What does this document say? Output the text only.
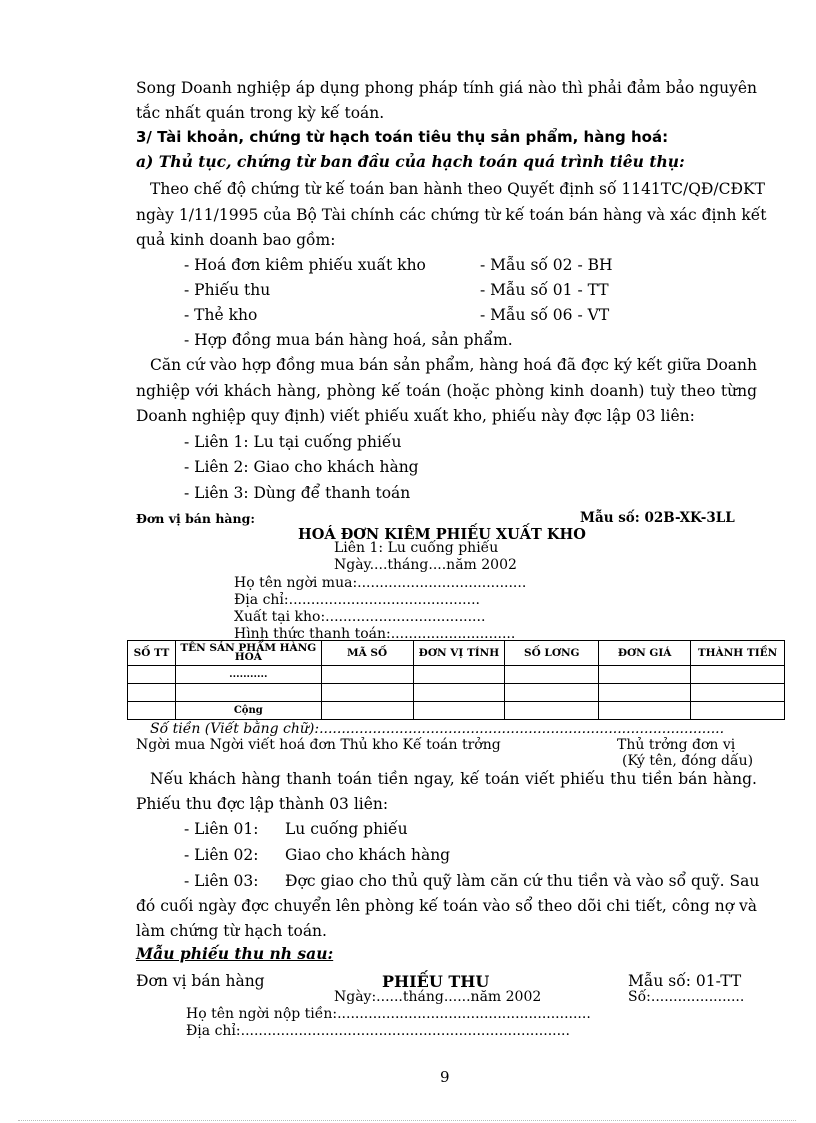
Song Doanh nghiệp áp dụng phong pháp tính giá nào thì phải đảm bảo nguyên
tắc nhất quán trong kỳ kế toán.
3/ Tài khoản, chứng từ hạch toán tiêu thụ sản phẩm, hàng hoá:
a) Thủ tục, chứng từ ban đầu của hạch toán quá trình tiêu thụ:
Theo chế độ chứng từ kế toán ban hành theo Quyết định số 1141TC/QĐ/CĐKT
ngày 1/11/1995 của Bộ Tài chính các chứng từ kế toán bán hàng và xác định kết
quả kinh doanh bao gồm:
- Hoá đơn kiêm phiếu xuất kho	- Mẫu số 02 - BH
- Phiếu thu	- Mẫu số 01 - TT
- Thẻ kho	- Mẫu số 06 - VT
- Hợp đồng mua bán hàng hoá, sản phẩm.
Căn cứ vào hợp đồng mua bán sản phẩm, hàng hoá đã đợc ký kết giữa Doanh
nghiệp với khách hàng, phòng kế toán (hoặc phòng kinh doanh) tuỳ theo từng
Doanh nghiệp quy định) viết phiếu xuất kho, phiếu này đợc lập 03 liên:
- Liên 1: Lu tại cuống phiếu
- Liên 2: Giao cho khách hàng
- Liên 3: Dùng để thanh toán
Đơn vị bán hàng:	Mẫu số: 02B-XK-3LL
HOÁ ĐƠN KIÊM PHIẾU XUẤT KHO
Liên 1: Lu cuống phiếu
Ngày....tháng....năm 2002
Họ tên ngời mua:......................................
Địa chỉ:...........................................
Xuất tại kho:....................................
Hình thức thanh toán:............................
SỐ TT	TÊN SẢN PHẨM HÀNG HOÁ	MÃ SỐ	ĐƠN VỊ TÍNH	SỐ LƠNG	ĐƠN GIÁ	THÀNH TIỀN
	...........					

	Cộng					
Số tiền (Viết bằng chữ):...........................................................................................
Ngời mua Ngời viết hoá đơn Thủ kho Kế toán trởng	Thủ trởng đơn vị
(Ký tên, đóng dấu)
Nếu khách hàng thanh toán tiền ngay, kế toán viết phiếu thu tiền bán hàng.
Phiếu thu đợc lập thành 03 liên:
- Liên 01: Lu cuống phiếu
- Liên 02: Giao cho khách hàng
- Liên 03: Đợc giao cho thủ quỹ làm căn cứ thu tiền và vào sổ quỹ. Sau
đó cuối ngày đợc chuyển lên phòng kế toán vào sổ theo dõi chi tiết, công nợ và
làm chứng từ hạch toán.
Mẫu phiếu thu nh sau:
Đơn vị bán hàng	PHIẾU THU	Mẫu số: 01-TT
Ngày:......tháng......năm 2002	Số:.....................
Họ tên ngời nộp tiền:.........................................................
Địa chỉ:..........................................................................
9
